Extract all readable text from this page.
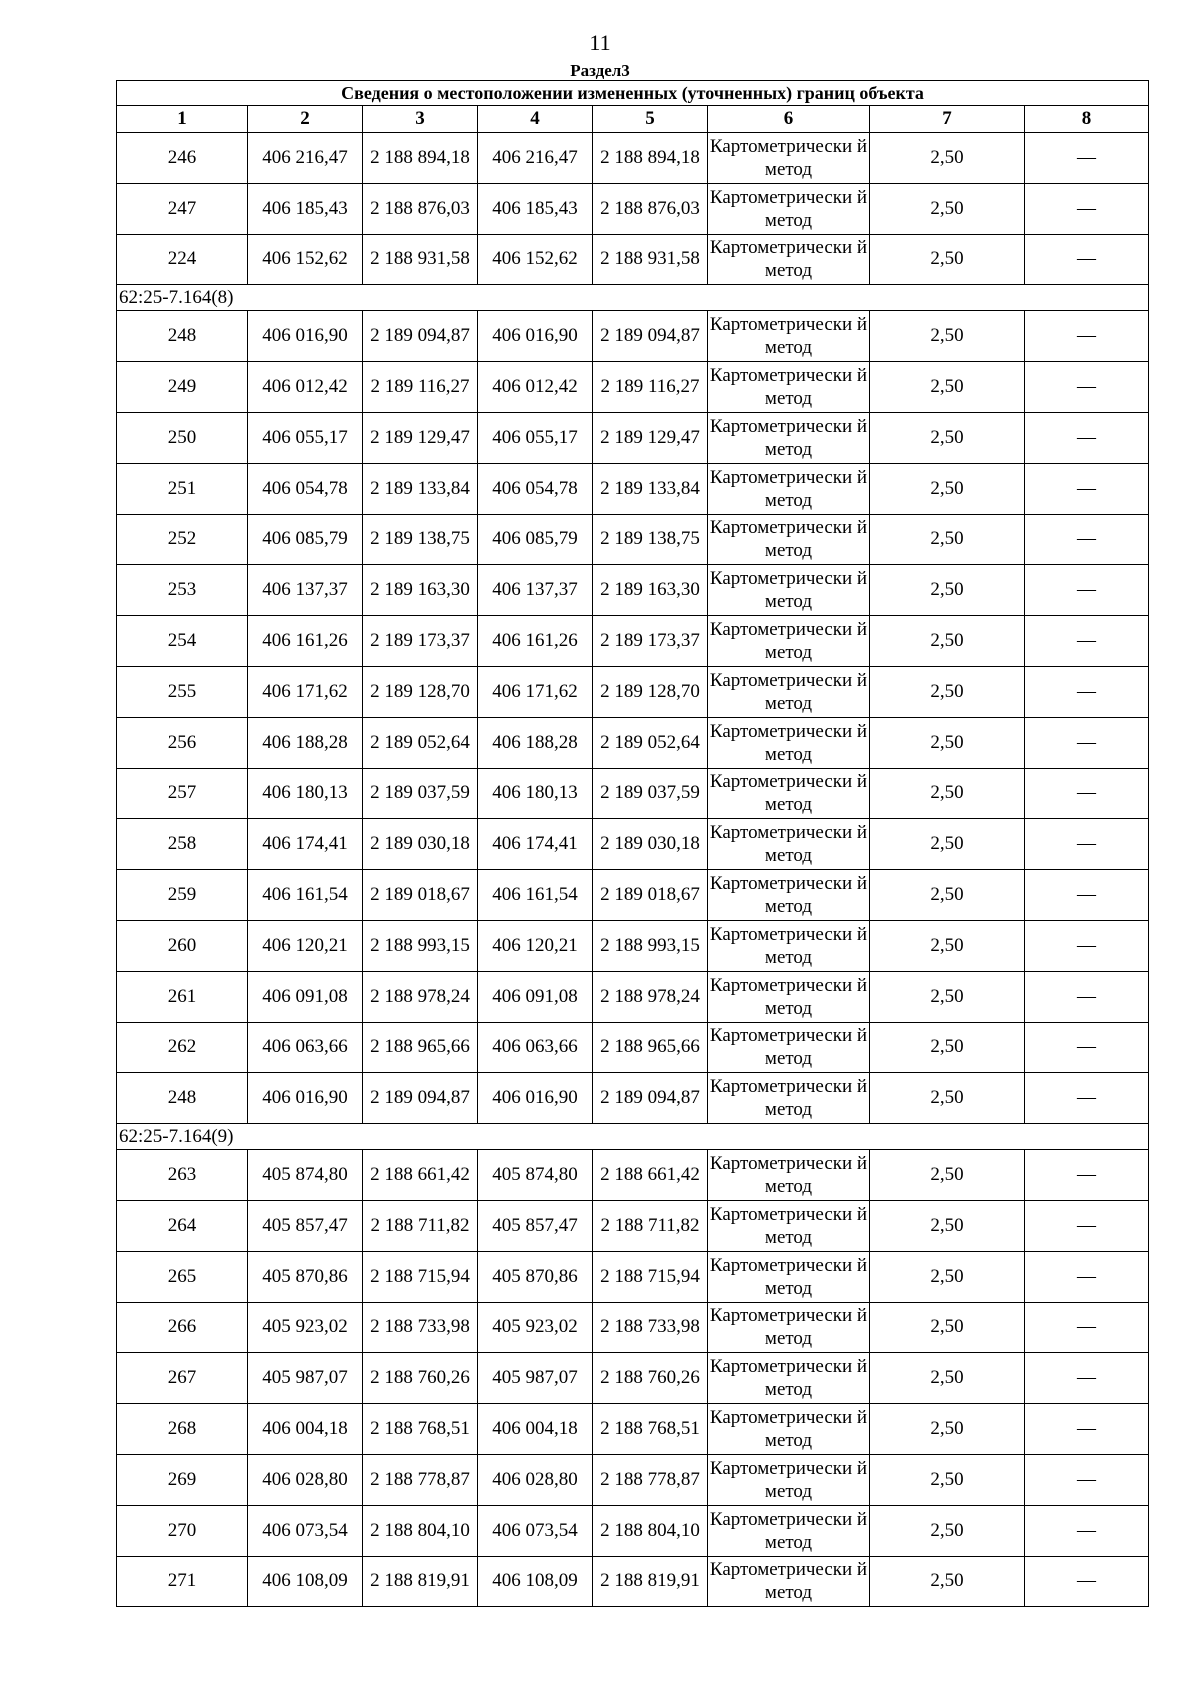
11
Раздел3
Сведения о местоположении измененных (уточненных) границ объекта							
1	2	3	4	5	6	7	8
246	406 216,47	2 188 894,18	406 216,47	2 188 894,18	Картометрически й метод	2,50	—
247	406 185,43	2 188 876,03	406 185,43	2 188 876,03	Картометрически й метод	2,50	—
224	406 152,62	2 188 931,58	406 152,62	2 188 931,58	Картометрически й метод	2,50	—
62:25-7.164(8)							
248	406 016,90	2 189 094,87	406 016,90	2 189 094,87	Картометрически й метод	2,50	—
249	406 012,42	2 189 116,27	406 012,42	2 189 116,27	Картометрически й метод	2,50	—
250	406 055,17	2 189 129,47	406 055,17	2 189 129,47	Картометрически й метод	2,50	—
251	406 054,78	2 189 133,84	406 054,78	2 189 133,84	Картометрически й метод	2,50	—
252	406 085,79	2 189 138,75	406 085,79	2 189 138,75	Картометрически й метод	2,50	—
253	406 137,37	2 189 163,30	406 137,37	2 189 163,30	Картометрически й метод	2,50	—
254	406 161,26	2 189 173,37	406 161,26	2 189 173,37	Картометрически й метод	2,50	—
255	406 171,62	2 189 128,70	406 171,62	2 189 128,70	Картометрически й метод	2,50	—
256	406 188,28	2 189 052,64	406 188,28	2 189 052,64	Картометрически й метод	2,50	—
257	406 180,13	2 189 037,59	406 180,13	2 189 037,59	Картометрически й метод	2,50	—
258	406 174,41	2 189 030,18	406 174,41	2 189 030,18	Картометрически й метод	2,50	—
259	406 161,54	2 189 018,67	406 161,54	2 189 018,67	Картометрически й метод	2,50	—
260	406 120,21	2 188 993,15	406 120,21	2 188 993,15	Картометрически й метод	2,50	—
261	406 091,08	2 188 978,24	406 091,08	2 188 978,24	Картометрически й метод	2,50	—
262	406 063,66	2 188 965,66	406 063,66	2 188 965,66	Картометрически й метод	2,50	—
248	406 016,90	2 189 094,87	406 016,90	2 189 094,87	Картометрически й метод	2,50	—
62:25-7.164(9)							
263	405 874,80	2 188 661,42	405 874,80	2 188 661,42	Картометрически й метод	2,50	—
264	405 857,47	2 188 711,82	405 857,47	2 188 711,82	Картометрически й метод	2,50	—
265	405 870,86	2 188 715,94	405 870,86	2 188 715,94	Картометрически й метод	2,50	—
266	405 923,02	2 188 733,98	405 923,02	2 188 733,98	Картометрически й метод	2,50	—
267	405 987,07	2 188 760,26	405 987,07	2 188 760,26	Картометрически й метод	2,50	—
268	406 004,18	2 188 768,51	406 004,18	2 188 768,51	Картометрически й метод	2,50	—
269	406 028,80	2 188 778,87	406 028,80	2 188 778,87	Картометрически й метод	2,50	—
270	406 073,54	2 188 804,10	406 073,54	2 188 804,10	Картометрически й метод	2,50	—
271	406 108,09	2 188 819,91	406 108,09	2 188 819,91	Картометрически й метод	2,50	—
